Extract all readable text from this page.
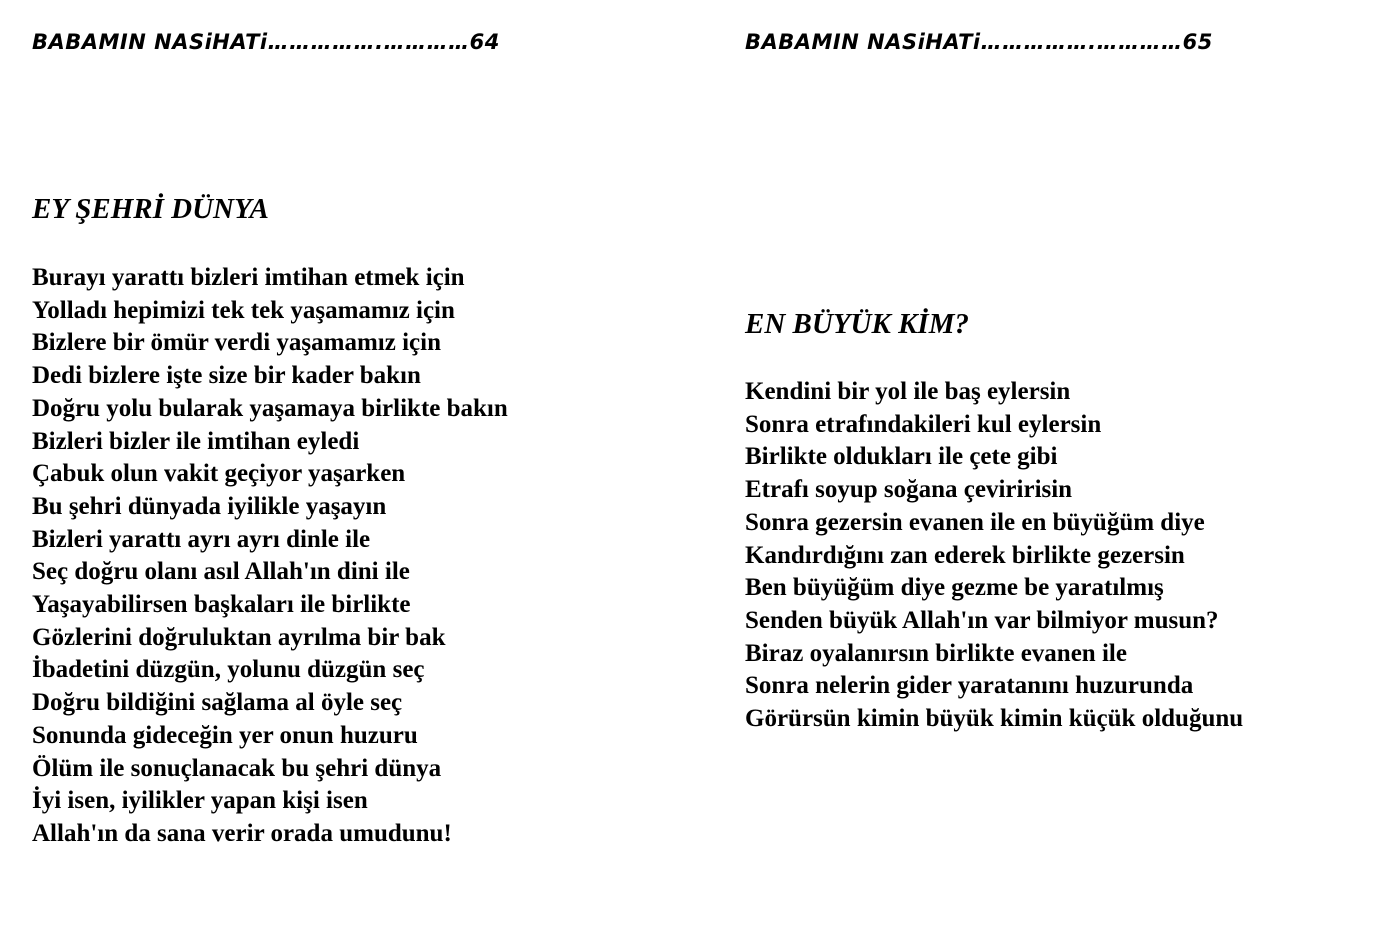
BABAMIN NASiHATi…………….…………64
EY ŞEHRİ DÜNYA
Burayı yarattı bizleri imtihan etmek için
Yolladı hepimizi tek tek yaşamamız için
Bizlere bir ömür verdi yaşamamız için
Dedi bizlere işte size bir kader bakın
Doğru yolu bularak yaşamaya birlikte bakın
Bizleri bizler ile imtihan eyledi
Çabuk olun vakit geçiyor yaşarken
Bu şehri dünyada iyilikle yaşayın
Bizleri yarattı ayrı ayrı dinle ile
Seç doğru olanı asıl Allah'ın dini ile
Yaşayabilirsen başkaları ile birlikte
Gözlerini doğruluktan ayrılma bir bak
İbadetini düzgün, yolunu düzgün seç
Doğru bildiğini sağlama al öyle seç
Sonunda gideceğin yer onun huzuru
Ölüm ile sonuçlanacak bu şehri dünya
İyi isen, iyilikler yapan kişi isen
Allah'ın da sana verir orada umudunu!
BABAMIN NASiHATi…………….…………65
EN BÜYÜK KİM?
Kendini bir yol ile baş eylersin
Sonra etrafındakileri kul eylersin
Birlikte oldukları ile çete gibi
Etrafı soyup soğana çeviririsin
Sonra gezersin evanen ile en büyüğüm diye
Kandırdığını zan ederek birlikte gezersin
Ben büyüğüm diye gezme be yaratılmış
Senden büyük Allah'ın var bilmiyor musun?
Biraz oyalanırsın birlikte evanen ile
Sonra nelerin gider yaratanını huzurunda
Görürsün kimin büyük kimin küçük olduğunu
